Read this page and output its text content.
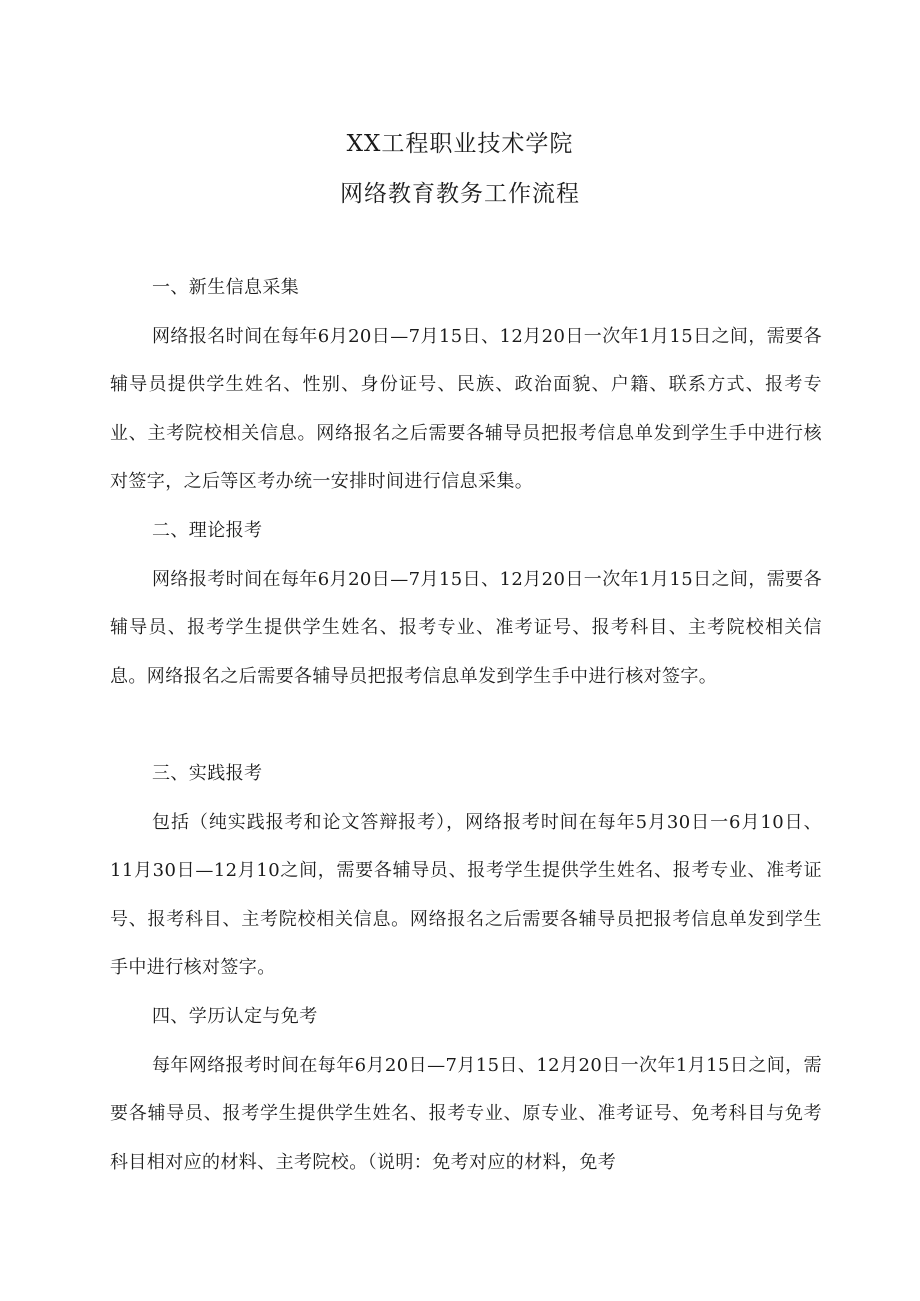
XX工程职业技术学院
网络教育教务工作流程
一、新生信息采集
网络报名时间在每年6月20日—7月15日、12月20日一次年1月15日之间，需要各辅导员提供学生姓名、性别、身份证号、民族、政治面貌、户籍、联系方式、报考专业、主考院校相关信息。网络报名之后需要各辅导员把报考信息单发到学生手中进行核对签字，之后等区考办统一安排时间进行信息采集。
二、理论报考
网络报考时间在每年6月20日—7月15日、12月20日一次年1月15日之间，需要各辅导员、报考学生提供学生姓名、报考专业、准考证号、报考科目、主考院校相关信息。网络报名之后需要各辅导员把报考信息单发到学生手中进行核对签字。
三、实践报考
包括（纯实践报考和论文答辩报考），网络报考时间在每年5月30日一6月10日、11月30日—12月10之间，需要各辅导员、报考学生提供学生姓名、报考专业、准考证号、报考科目、主考院校相关信息。网络报名之后需要各辅导员把报考信息单发到学生手中进行核对签字。
四、学历认定与免考
每年网络报考时间在每年6月20日—7月15日、12月20日一次年1月15日之间，需要各辅导员、报考学生提供学生姓名、报考专业、原专业、准考证号、免考科目与免考科目相对应的材料、主考院校。（说明：免考对应的材料，免考
